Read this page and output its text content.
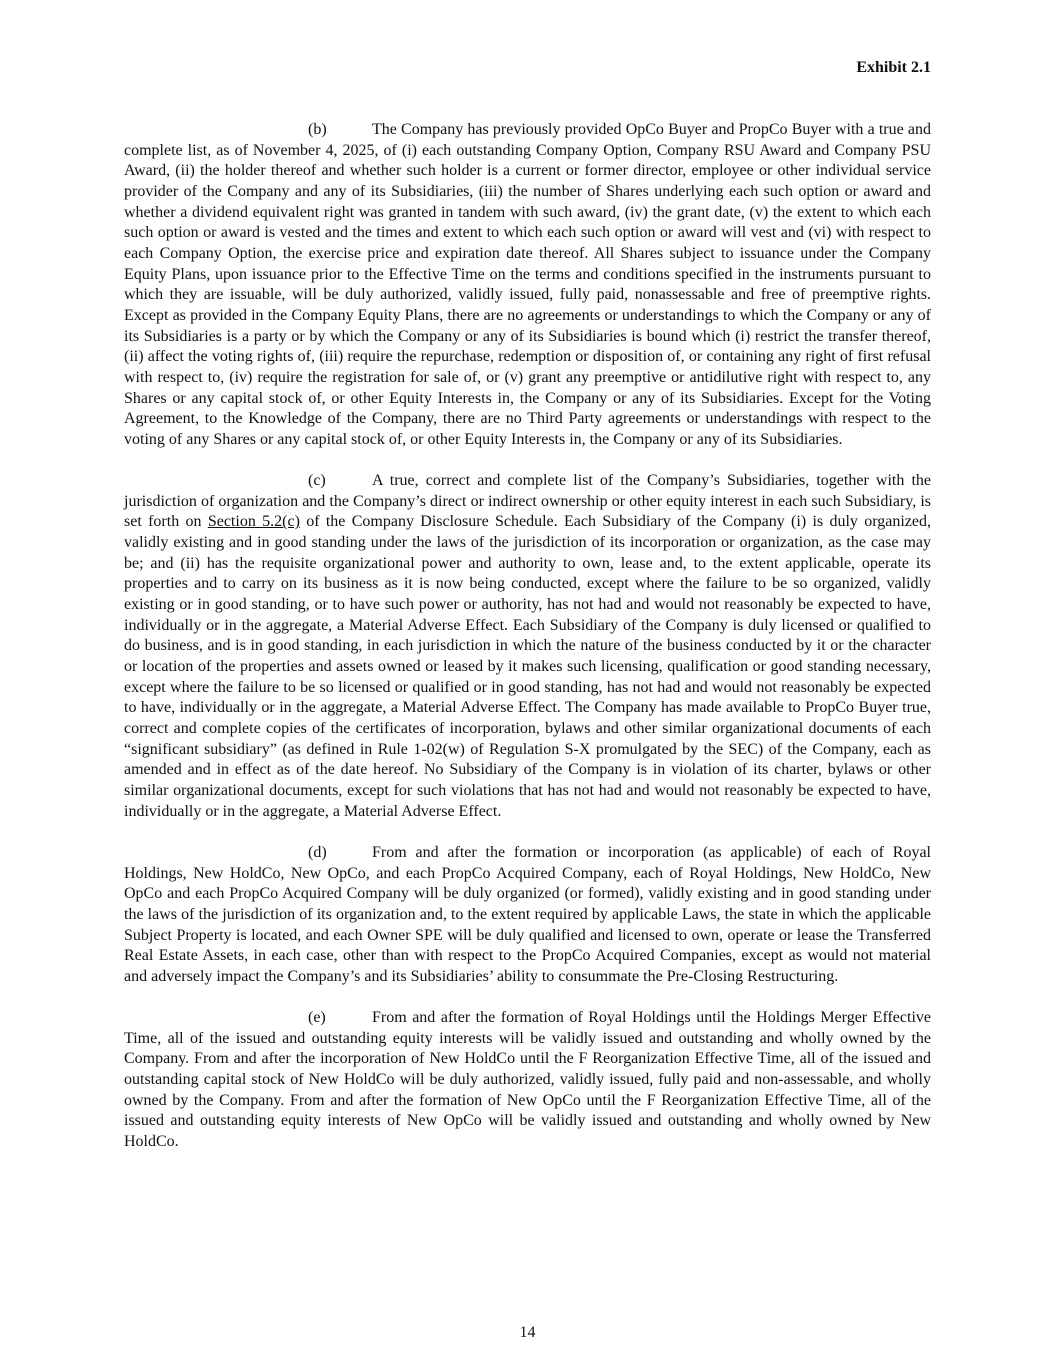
Exhibit 2.1

(b)	The Company has previously provided OpCo Buyer and PropCo Buyer with a true and complete list, as of November 4, 2025, of (i) each outstanding Company Option, Company RSU Award and Company PSU Award, (ii) the holder thereof and whether such holder is a current or former director, employee or other individual service provider of the Company and any of its Subsidiaries, (iii) the number of Shares underlying each such option or award and whether a dividend equivalent right was granted in tandem with such award, (iv) the grant date, (v) the extent to which each such option or award is vested and the times and extent to which each such option or award will vest and (vi) with respect to each Company Option, the exercise price and expiration date thereof. All Shares subject to issuance under the Company Equity Plans, upon issuance prior to the Effective Time on the terms and conditions specified in the instruments pursuant to which they are issuable, will be duly authorized, validly issued, fully paid, nonassessable and free of preemptive rights. Except as provided in the Company Equity Plans, there are no agreements or understandings to which the Company or any of its Subsidiaries is a party or by which the Company or any of its Subsidiaries is bound which (i) restrict the transfer thereof, (ii) affect the voting rights of, (iii) require the repurchase, redemption or disposition of, or containing any right of first refusal with respect to, (iv) require the registration for sale of, or (v) grant any preemptive or antidilutive right with respect to, any Shares or any capital stock of, or other Equity Interests in, the Company or any of its Subsidiaries. Except for the Voting Agreement, to the Knowledge of the Company, there are no Third Party agreements or understandings with respect to the voting of any Shares or any capital stock of, or other Equity Interests in, the Company or any of its Subsidiaries.

(c)	A true, correct and complete list of the Company’s Subsidiaries, together with the jurisdiction of organization and the Company’s direct or indirect ownership or other equity interest in each such Subsidiary, is set forth on Section 5.2(c) of the Company Disclosure Schedule. Each Subsidiary of the Company (i) is duly organized, validly existing and in good standing under the laws of the jurisdiction of its incorporation or organization, as the case may be; and (ii) has the requisite organizational power and authority to own, lease and, to the extent applicable, operate its properties and to carry on its business as it is now being conducted, except where the failure to be so organized, validly existing or in good standing, or to have such power or authority, has not had and would not reasonably be expected to have, individually or in the aggregate, a Material Adverse Effect. Each Subsidiary of the Company is duly licensed or qualified to do business, and is in good standing, in each jurisdiction in which the nature of the business conducted by it or the character or location of the properties and assets owned or leased by it makes such licensing, qualification or good standing necessary, except where the failure to be so licensed or qualified or in good standing, has not had and would not reasonably be expected to have, individually or in the aggregate, a Material Adverse Effect. The Company has made available to PropCo Buyer true, correct and complete copies of the certificates of incorporation, bylaws and other similar organizational documents of each “significant subsidiary” (as defined in Rule 1-02(w) of Regulation S-X promulgated by the SEC) of the Company, each as amended and in effect as of the date hereof. No Subsidiary of the Company is in violation of its charter, bylaws or other similar organizational documents, except for such violations that has not had and would not reasonably be expected to have, individually or in the aggregate, a Material Adverse Effect.

(d)	From and after the formation or incorporation (as applicable) of each of Royal Holdings, New HoldCo, New OpCo, and each PropCo Acquired Company, each of Royal Holdings, New HoldCo, New OpCo and each PropCo Acquired Company will be duly organized (or formed), validly existing and in good standing under the laws of the jurisdiction of its organization and, to the extent required by applicable Laws, the state in which the applicable Subject Property is located, and each Owner SPE will be duly qualified and licensed to own, operate or lease the Transferred Real Estate Assets, in each case, other than with respect to the PropCo Acquired Companies, except as would not material and adversely impact the Company’s and its Subsidiaries’ ability to consummate the Pre-Closing Restructuring.

(e)	From and after the formation of Royal Holdings until the Holdings Merger Effective Time, all of the issued and outstanding equity interests will be validly issued and outstanding and wholly owned by the Company. From and after the incorporation of New HoldCo until the F Reorganization Effective Time, all of the issued and outstanding capital stock of New HoldCo will be duly authorized, validly issued, fully paid and non-assessable, and wholly owned by the Company. From and after the formation of New OpCo until the F Reorganization Effective Time, all of the issued and outstanding equity interests of New OpCo will be validly issued and outstanding and wholly owned by New HoldCo.

14
